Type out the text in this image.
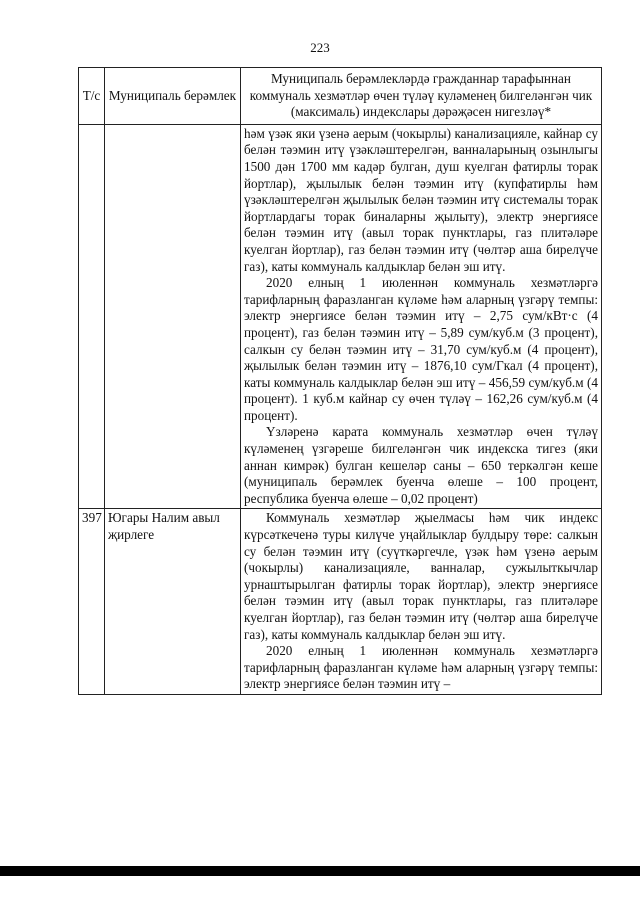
223
Т/с	Муниципаль берәмлек	Муниципаль берәмлекләрдә гражданнар тарафыннан коммуналь хезмәтләр өчен түләү куләменең билгеләнгән чик (максималь) индекслары дәрәҗәсен нигезләү*

		һәм үзәк яки үзенә аерым (чокырлы) канализацияле, кайнар су белән тәэмин итү үзәкләштерелгән, ванналарының озынлыгы 1500 дән 1700 мм кадәр булган, душ куелган фатирлы торак йортлар), җылылык белән тәэмин итү (купфатирлы һәм үзәкләштерелгән җылылык белән тәэмин итү системалы торак йортлардагы торак биналарны җылыту), электр энергиясе белән тәэмин итү (авыл торак пунктлары, газ плитәләре куелган йортлар), газ белән тәэмин итү (чөлтәр аша бирелүче газ), каты коммуналь калдыклар белән эш итү.

2020 елның 1 июленнән коммуналь хезмәтләргә тарифларның фаразланган күләме һәм аларның үзгәрү темпы: электр энергиясе белән тәэмин итү – 2,75 сум/кВт·с (4 процент), газ белән тәэмин итү – 5,89 сум/куб.м (3 процент), салкын су белән тәэмин итү – 31,70 сум/куб.м (4 процент), җылылык белән тәэмин итү – 1876,10 сум/Гкал (4 процент), каты коммуналь калдыклар белән эш итү – 456,59 сум/куб.м (4 процент). 1 куб.м кайнар су өчен түләү – 162,26 сум/куб.м (4 процент).

Үзләренә карата коммуналь хезмәтләр өчен түләү күләменең үзгәреше билгеләнгән чик индекска тигез (яки аннан кимрәк) булган кешеләр саны – 650 теркәлгән кеше (муниципаль берәмлек буенча өлеше – 100 процент, республика буенча өлеше – 0,02 процент)

397	Югары Налим авыл җирлеге	Коммуналь хезмәтләр җыелмасы һәм чик индекс күрсәткеченә туры килүче уңайлыклар булдыру төре: салкын су белән тәэмин итү (суүткәргечле, үзәк һәм үзенә аерым (чокырлы) канализацияле, ванналар, сужылыткычлар урнаштырылган фатирлы торак йортлар), электр энергиясе белән тәэмин итү (авыл торак пунктлары, газ плитәләре куелган йортлар), газ белән тәэмин итү (чөлтәр аша бирелүче газ), каты коммуналь калдыклар белән эш итү.

2020 елның 1 июленнән коммуналь хезмәтләргә тарифларның фаразланган күләме һәм аларның үзгәрү темпы: электр энергиясе белән тәэмин итү –
